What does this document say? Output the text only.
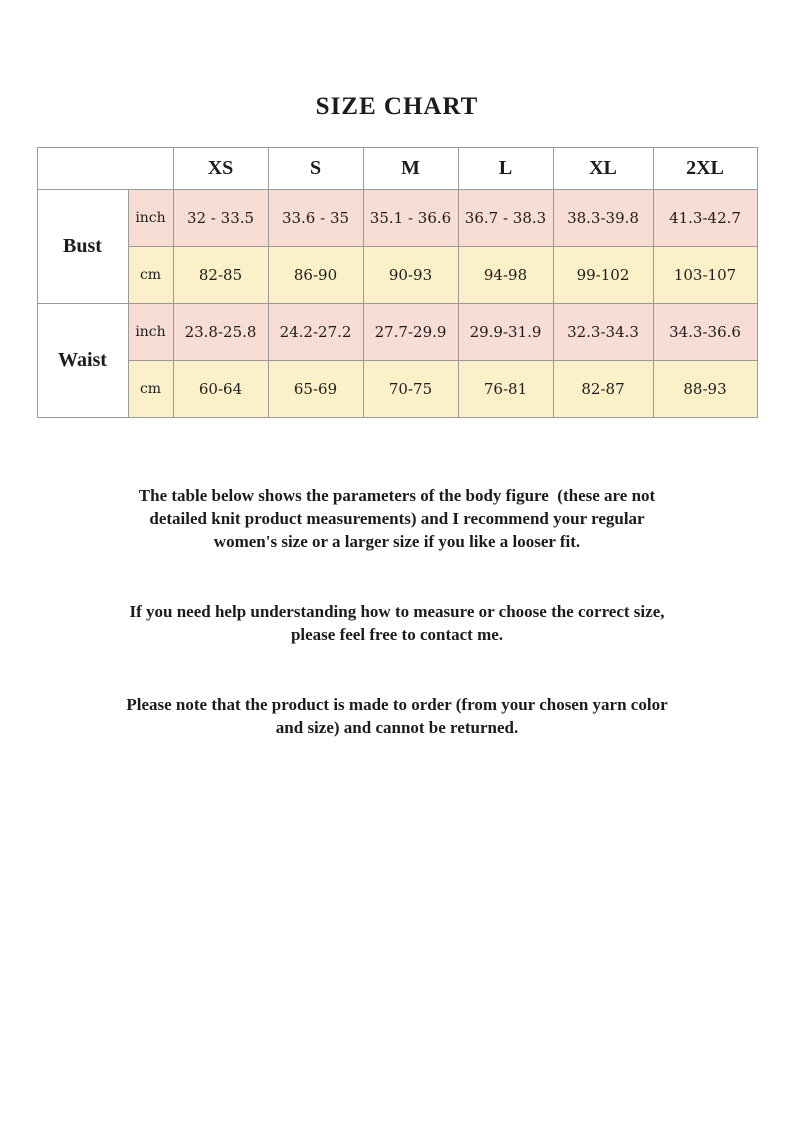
SIZE CHART
		XS	S	M	L	XL	2XL
Bust	inch	32 - 33.5	33.6 - 35	35.1 - 36.6	36.7 - 38.3	38.3-39.8	41.3-42.7
	cm	82-85	86-90	90-93	94-98	99-102	103-107
Waist	inch	23.8-25.8	24.2-27.2	27.7-29.9	29.9-31.9	32.3-34.3	34.3-36.6
	cm	60-64	65-69	70-75	76-81	82-87	88-93
The table below shows the parameters of the body figure  (these are not
detailed knit product measurements) and I recommend your regular
women's size or a larger size if you like a looser fit.
If you need help understanding how to measure or choose the correct size,
please feel free to contact me.
Please note that the product is made to order (from your chosen yarn color
and size) and cannot be returned.
